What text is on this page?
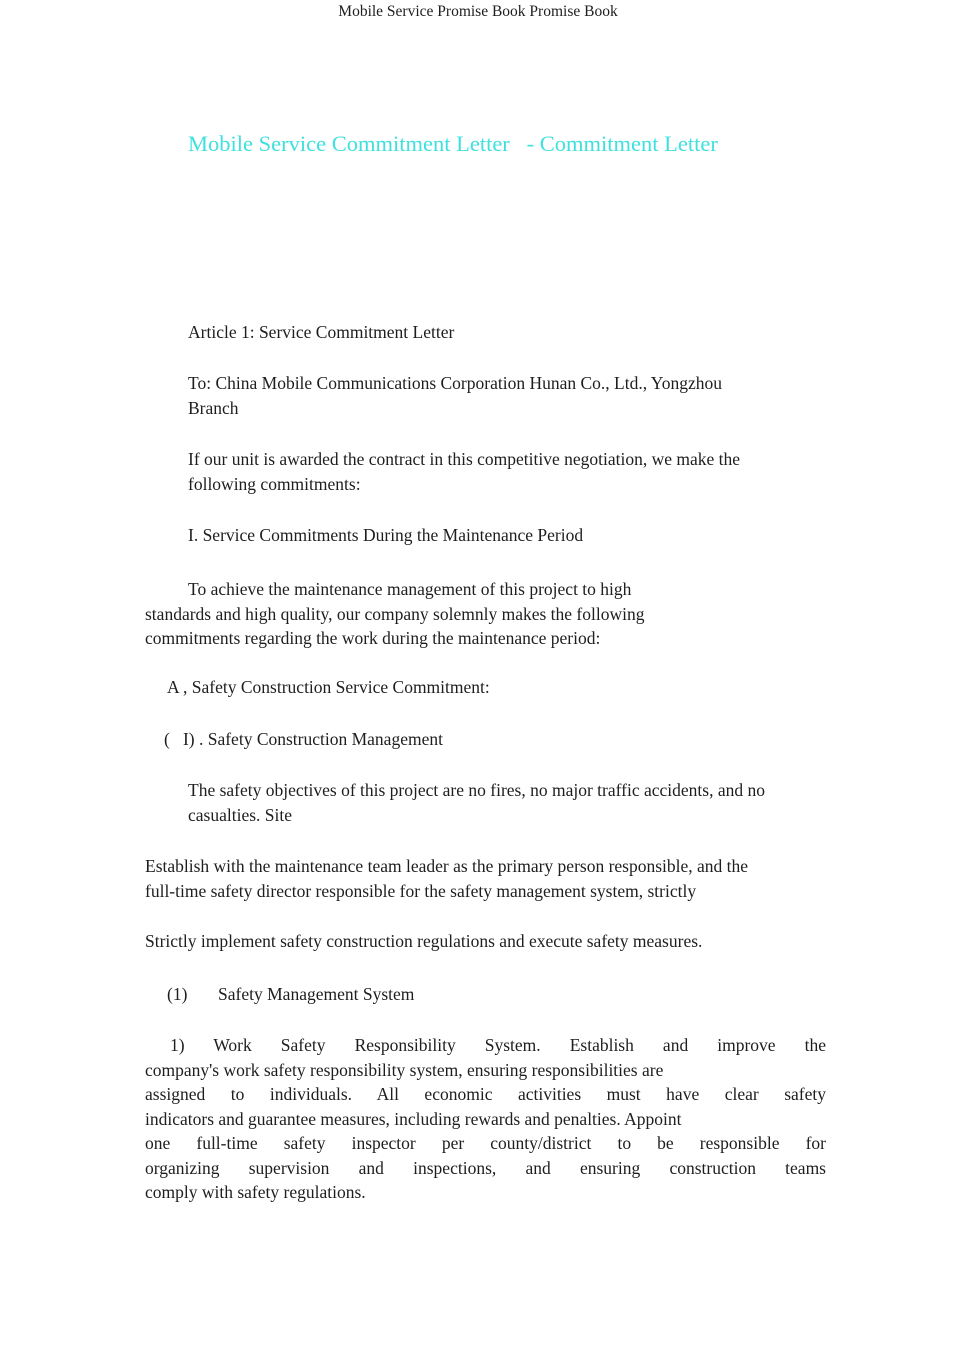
Mobile Service Promise Book Promise Book
Mobile Service Commitment Letter   - Commitment Letter
Article 1: Service Commitment Letter
To: China Mobile Communications Corporation Hunan Co., Ltd., Yongzhou
Branch
If our unit is awarded the contract in this competitive negotiation, we make the
following commitments:
I. Service Commitments During the Maintenance Period
To achieve the maintenance management of this project to high
standards and high quality, our company solemnly makes the following
commitments regarding the work during the maintenance period:
A , Safety Construction Service Commitment:
(   I) . Safety Construction Management
The safety objectives of this project are no fires, no major traffic accidents, and no
casualties. Site
Establish with the maintenance team leader as the primary person responsible, and the
full-time safety director responsible for the safety management system, strictly
Strictly implement safety construction regulations and execute safety measures.
(1)       Safety Management System
1) Work Safety Responsibility System. Establish and improve the
company's work safety responsibility system, ensuring responsibilities are
assigned to individuals. All economic activities must have clear safety
indicators and guarantee measures, including rewards and penalties. Appoint
one full-time safety inspector per county/district to be responsible for
organizing supervision and inspections, and ensuring construction teams
comply with safety regulations.
